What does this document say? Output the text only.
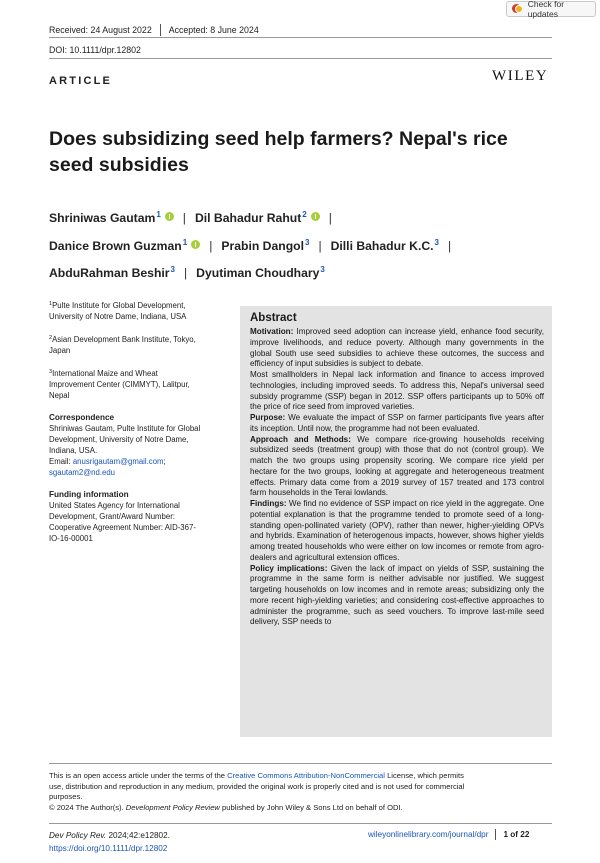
Check for updates
Received: 24 August 2022 Accepted: 8 June 2024
DOI: 10.1111/dpr.12802
ARTICLE	WILEY
Does subsidizing seed help farmers? Nepal's rice
seed subsidies
Shriniwas Gautam$^1$ | Dil Bahadur Rahut$^2$ |
Danice Brown Guzman$^1$ | Prabin Dangol$^3$ | Dilli Bahadur K.C.$^3$ |
AbduRahman Beshir$^3$ | Dyutiman Choudhary$^3$

$^1$Pulte Institute for Global Development,
University of Notre Dame, Indiana, USA

$^2$Asian Development Bank Institute, Tokyo,
Japan

$^3$International Maize and Wheat
Improvement Center (CIMMYT), Lalitpur,
Nepal

Correspondence
Shriniwas Gautam, Pulte Institute for Global
Development, University of Notre Dame,
Indiana, USA.
Email: anusrigautam@gmail.com;
sgautam2@nd.edu

Funding information
United States Agency for International
Development, Grant/Award Number:
Cooperative Agreement Number: AID-367-
IO-16-00001

Abstract

Motivation: Improved seed adoption can increase yield, enhance food security, improve livelihoods, and reduce poverty. Although many governments in the global South use seed subsidies to achieve these outcomes, the success and efficiency of input subsidies is subject to debate.

Most smallholders in Nepal lack information and finance to access improved technologies, including improved seeds. To address this, Nepal's universal seed subsidy programme (SSP) began in 2012. SSP offers participants up to 50% off the price of rice seed from improved varieties.

Purpose: We evaluate the impact of SSP on farmer participants five years after its inception. Until now, the programme had not been evaluated.

Approach and Methods: We compare rice-growing households receiving subsidized seeds (treatment group) with those that do not (control group). We match the two groups using propensity scoring. We compare rice yield per hectare for the two groups, looking at aggregate and heterogeneous treatment effects. Primary data come from a 2019 survey of 157 treated and 173 control farm households in the Terai lowlands.

Findings: We find no evidence of SSP impact on rice yield in the aggregate. One potential explanation is that the programme tended to promote seed of a long-standing open-pollinated variety (OPV), rather than newer, higher-yielding OPVs and hybrids. Examination of heterogenous impacts, however, shows higher yields among treated households who were either on low incomes or remote from agro-dealers and agricultural extension offices.

Policy implications: Given the lack of impact on yields of SSP, sustaining the programme in the same form is neither advisable nor justified. We suggest targeting households on low incomes and in remote areas; subsidizing only the more recent high-yielding varieties; and considering cost-effective approaches to administer the programme, such as seed vouchers. To improve last-mile seed delivery, SSP needs to

This is an open access article under the terms of the Creative Commons Attribution-NonCommercial License, which permits
use, distribution and reproduction in any medium, provided the original work is properly cited and is not used for commercial
purposes.
© 2024 The Author(s). Development Policy Review published by John Wiley & Sons Ltd on behalf of ODI.
Dev Policy Rev. 2024;42:e12802.
https://doi.org/10.1111/dpr.12802
wileyonlinelibrary.com/journal/dpr 1 of 22
